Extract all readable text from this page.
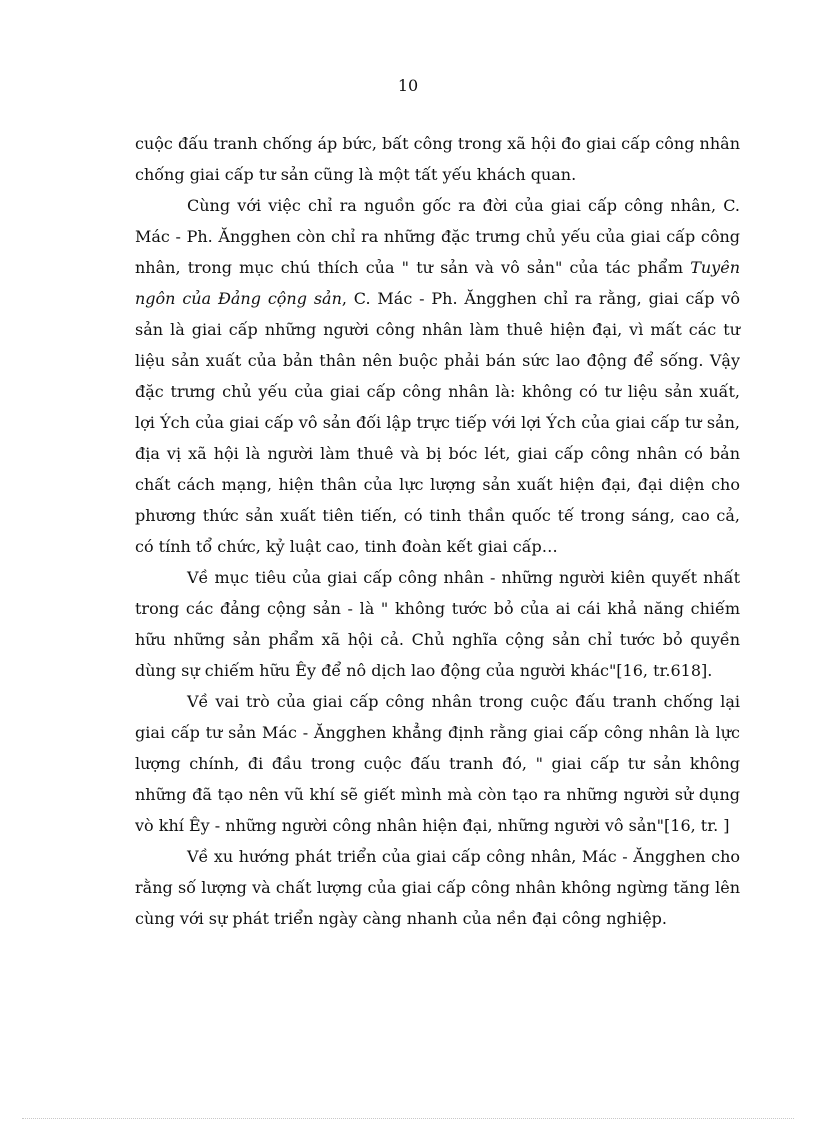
10

cuộc đấu tranh chống áp bức, bất công trong xã hội đo giai cấp công nhân chống giai cấp tư sản cũng là một tất yếu khách quan.

Cùng với việc chỉ ra nguồn gốc ra đời của giai cấp công nhân, C. Mác - Ph. Ăngghen còn chỉ ra những đặc trưng chủ yếu của giai cấp công nhân, trong mục chú thích của " tư sản và vô sản" của tác phẩm Tuyên ngôn của Đảng cộng sản, C. Mác - Ph. Ăngghen chỉ ra rằng, giai cấp vô sản là giai cấp những người công nhân làm thuê hiện đại, vì mất các tư liệu sản xuất của bản thân nên buộc phải bán sức lao động để sống. Vậy đặc trưng chủ yếu của giai cấp công nhân là: không có tư liệu sản xuất, lợi Ých của giai cấp vô sản đối lập trực tiếp với lợi Ých của giai cấp tư sản, địa vị xã hội là người làm thuê và bị bóc lét, giai cấp công nhân có bản chất cách mạng, hiện thân của lực lượng sản xuất hiện đại, đại diện cho phương thức sản xuất tiên tiến, có tinh thần quốc tế trong sáng, cao cả, có tính tổ chức, kỷ luật cao, tinh đoàn kết giai cấp…

Về mục tiêu của giai cấp công nhân - những người kiên quyết nhất trong các đảng cộng sản - là " không tước bỏ của ai cái khả năng chiếm hữu những sản phẩm xã hội cả. Chủ nghĩa cộng sản chỉ tước bỏ quyền dùng sự chiếm hữu Êy để nô dịch lao động của người khác"[16, tr.618].

Về vai trò của giai cấp công nhân trong cuộc đấu tranh chống lại giai cấp tư sản Mác - Ăngghen khẳng định rằng giai cấp công nhân là lực lượng chính, đi đầu trong cuộc đấu tranh đó, " giai cấp tư sản không những đã tạo nên vũ khí sẽ giết mình mà còn tạo ra những người sử dụng vò khí Êy - những người công nhân hiện đại, những người vô sản"[16, tr. ]

Về xu hướng phát triển của giai cấp công nhân, Mác - Ăngghen cho rằng số lượng và chất lượng của giai cấp công nhân không ngừng tăng lên cùng với sự phát triển ngày càng nhanh của nền đại công nghiệp.
